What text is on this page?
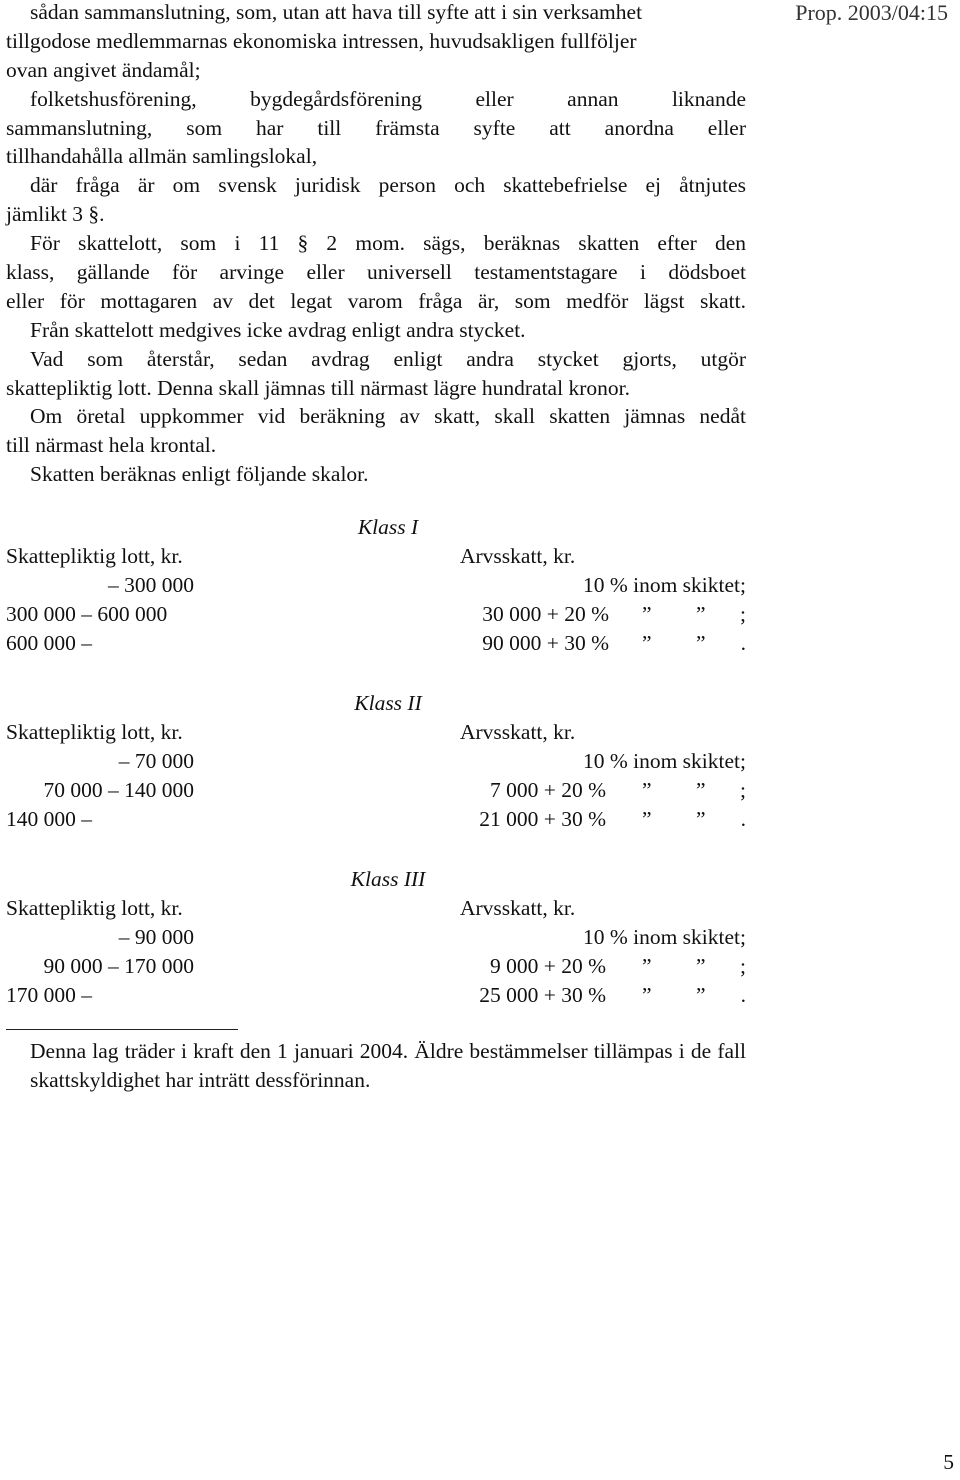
Prop. 2003/04:15
sådan sammanslutning, som, utan att hava till syfte att i sin verksamhet
tillgodose medlemmarnas ekonomiska intressen, huvudsakligen fullföljer
ovan angivet ändamål;
folketshusförening, bygdegårdsförening eller annan liknande
sammanslutning, som har till främsta syfte att anordna eller
tillhandahålla allmän samlingslokal,
där fråga är om svensk juridisk person och skattebefrielse ej åtnjutes
jämlikt 3 §.
För skattelott, som i 11 § 2 mom. sägs, beräknas skatten efter den
klass, gällande för arvinge eller universell testamentstagare i dödsboet
eller för mottagaren av det legat varom fråga är, som medför lägst skatt.
Från skattelott medgives icke avdrag enligt andra stycket.
Vad som återstår, sedan avdrag enligt andra stycket gjorts, utgör
skattepliktig lott. Denna skall jämnas till närmast lägre hundratal kronor.
Om öretal uppkommer vid beräkning av skatt, skall skatten jämnas nedåt
till närmast hela krontal.
Skatten beräknas enligt följande skalor.
Klass I
Skattepliktig lott, kr.	Arvsskatt, kr.
– 300 000	10 % inom skiktet;
300 000 – 600 000	30 000 + 20 % ” ” ;
600 000 –	90 000 + 30 % ” ” .
Klass II
Skattepliktig lott, kr.	Arvsskatt, kr.
– 70 000	10 % inom skiktet;
70 000 – 140 000	7 000 + 20 % ” ” ;
140 000 –	21 000 + 30 % ” ” .
Klass III
Skattepliktig lott, kr.	Arvsskatt, kr.
– 90 000	10 % inom skiktet;
90 000 – 170 000	9 000 + 20 % ” ” ;
170 000 –	25 000 + 30 % ” ” .
Denna lag träder i kraft den 1 januari 2004. Äldre bestämmelser tillämpas i de fall skattskyldighet har inträtt dessförinnan.
5
